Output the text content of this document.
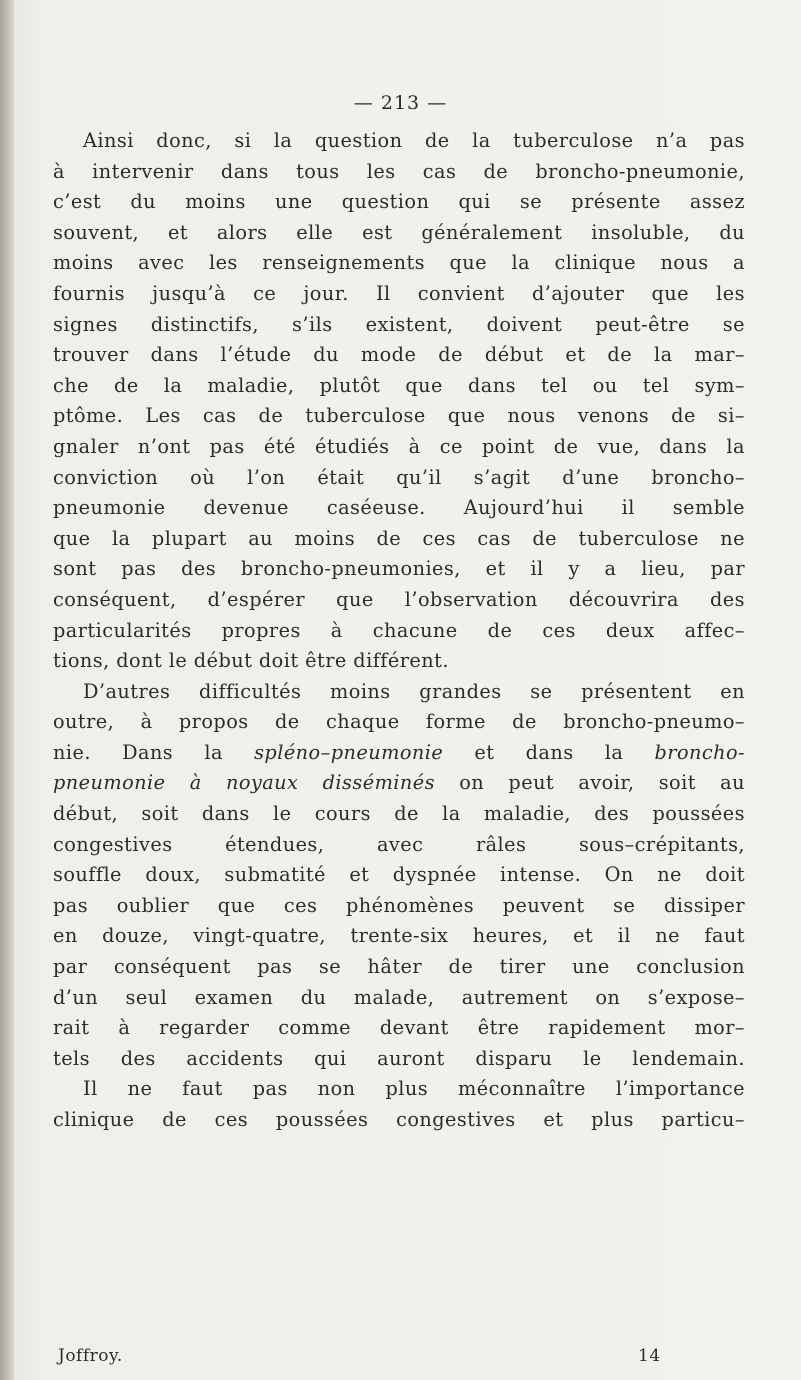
— 213 —
Ainsi donc, si la question de la tuberculose n’a pas
à intervenir dans tous les cas de broncho-pneumonie,
c’est du moins une question qui se présente assez
souvent, et alors elle est généralement insoluble, du
moins avec les renseignements que la clinique nous a
fournis jusqu’à ce jour. Il convient d’ajouter que les
signes distinctifs, s’ils existent, doivent peut-être se
trouver dans l’étude du mode de début et de la mar–
che de la maladie, plutôt que dans tel ou tel sym–
ptôme. Les cas de tuberculose que nous venons de si–
gnaler n’ont pas été étudiés à ce point de vue, dans la
conviction où l’on était qu’il s’agit d’une broncho–
pneumonie devenue caséeuse. Aujourd’hui il semble
que la plupart au moins de ces cas de tuberculose ne
sont pas des broncho-pneumonies, et il y a lieu, par
conséquent, d’espérer que l’observation découvrira des
particularités propres à chacune de ces deux affec–
tions, dont le début doit être différent.
D’autres difficultés moins grandes se présentent en
outre, à propos de chaque forme de broncho-pneumo–
nie. Dans la spléno–pneumonie et dans la broncho-
pneumonie à noyaux disséminés on peut avoir, soit au
début, soit dans le cours de la maladie, des poussées
congestives étendues, avec râles sous–crépitants,
souffle doux, submatité et dyspnée intense. On ne doit
pas oublier que ces phénomènes peuvent se dissiper
en douze, vingt-quatre, trente-six heures, et il ne faut
par conséquent pas se hâter de tirer une conclusion
d’un seul examen du malade, autrement on s’expose–
rait à regarder comme devant être rapidement mor–
tels des accidents qui auront disparu le lendemain.
Il ne faut pas non plus méconnaître l’importance
clinique de ces poussées congestives et plus particu–
Joffroy.	14
